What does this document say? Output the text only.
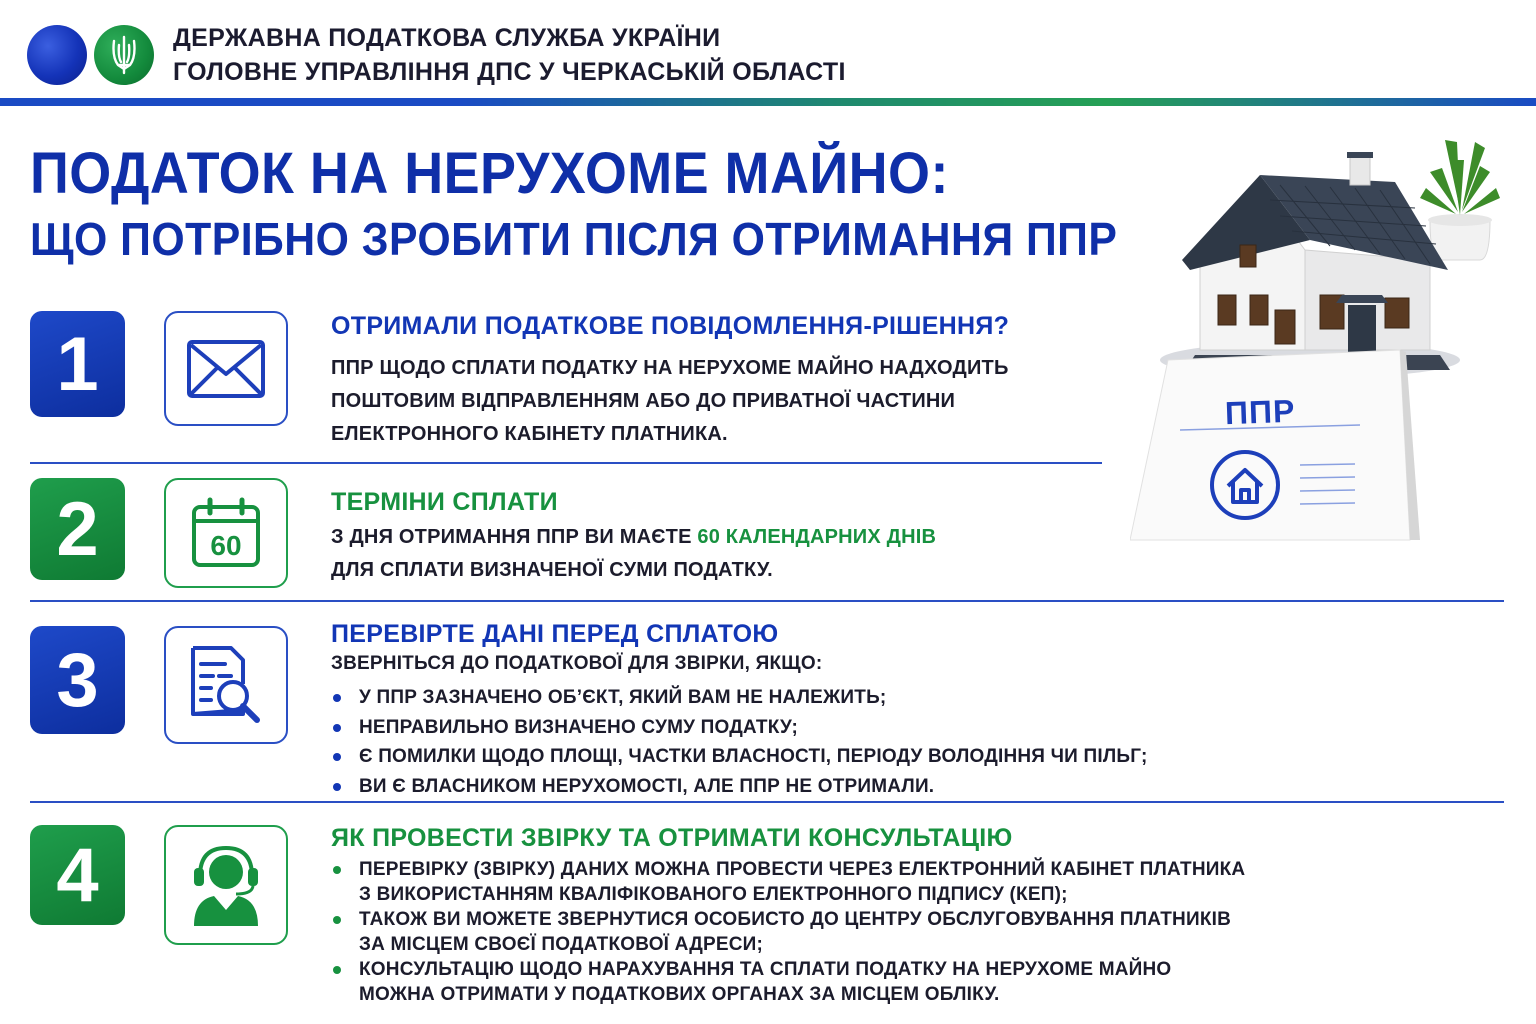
ДЕРЖАВНА ПОДАТКОВА СЛУЖБА УКРАЇНИ
ГОЛОВНЕ УПРАВЛІННЯ ДПС У ЧЕРКАСЬКІЙ ОБЛАСТІ
ПОДАТОК НА НЕРУХОМЕ МАЙНО:
ЩО ПОТРІБНО ЗРОБИТИ ПІСЛЯ ОТРИМАННЯ ППР
ППР
1	ОТРИМАЛИ ПОДАТКОВЕ ПОВІДОМЛЕННЯ-РІШЕННЯ?
ППР ЩОДО СПЛАТИ ПОДАТКУ НА НЕРУХОМЕ МАЙНО НАДХОДИТЬ
ПОШТОВИМ ВІДПРАВЛЕННЯМ АБО ДО ПРИВАТНОЇ ЧАСТИНИ
ЕЛЕКТРОННОГО КАБІНЕТУ ПЛАТНИКА.
2	60
ТЕРМІНИ СПЛАТИ
З ДНЯ ОТРИМАННЯ ППР ВИ МАЄТЕ 60 КАЛЕНДАРНИХ ДНІВ
ДЛЯ СПЛАТИ ВИЗНАЧЕНОЇ СУМИ ПОДАТКУ.
3
ПЕРЕВІРТЕ ДАНІ ПЕРЕД СПЛАТОЮ
ЗВЕРНІТЬСЯ ДО ПОДАТКОВОЇ ДЛЯ ЗВІРКИ, ЯКЩО:
У ППР ЗАЗНАЧЕНО ОБ’ЄКТ, ЯКИЙ ВАМ НЕ НАЛЕЖИТЬ;
НЕПРАВИЛЬНО ВИЗНАЧЕНО СУМУ ПОДАТКУ;
Є ПОМИЛКИ ЩОДО ПЛОЩІ, ЧАСТКИ ВЛАСНОСТІ, ПЕРІОДУ ВОЛОДІННЯ ЧИ ПІЛЬГ;
ВИ Є ВЛАСНИКОМ НЕРУХОМОСТІ, АЛЕ ППР НЕ ОТРИМАЛИ.
4	ЯК ПРОВЕСТИ ЗВІРКУ ТА ОТРИМАТИ КОНСУЛЬТАЦІЮ
ПЕРЕВІРКУ (ЗВІРКУ) ДАНИХ МОЖНА ПРОВЕСТИ ЧЕРЕЗ ЕЛЕКТРОННИЙ КАБІНЕТ ПЛАТНИКА
З ВИКОРИСТАННЯМ КВАЛІФІКОВАНОГО ЕЛЕКТРОННОГО ПІДПИСУ (КЕП);
ТАКОЖ ВИ МОЖЕТЕ ЗВЕРНУТИСЯ ОСОБИСТО ДО ЦЕНТРУ ОБСЛУГОВУВАННЯ ПЛАТНИКІВ
ЗА МІСЦЕМ СВОЄЇ ПОДАТКОВОЇ АДРЕСИ;
КОНСУЛЬТАЦІЮ ЩОДО НАРАХУВАННЯ ТА СПЛАТИ ПОДАТКУ НА НЕРУХОМЕ МАЙНО
МОЖНА ОТРИМАТИ У ПОДАТКОВИХ ОРГАНАХ ЗА МІСЦЕМ ОБЛІКУ.
